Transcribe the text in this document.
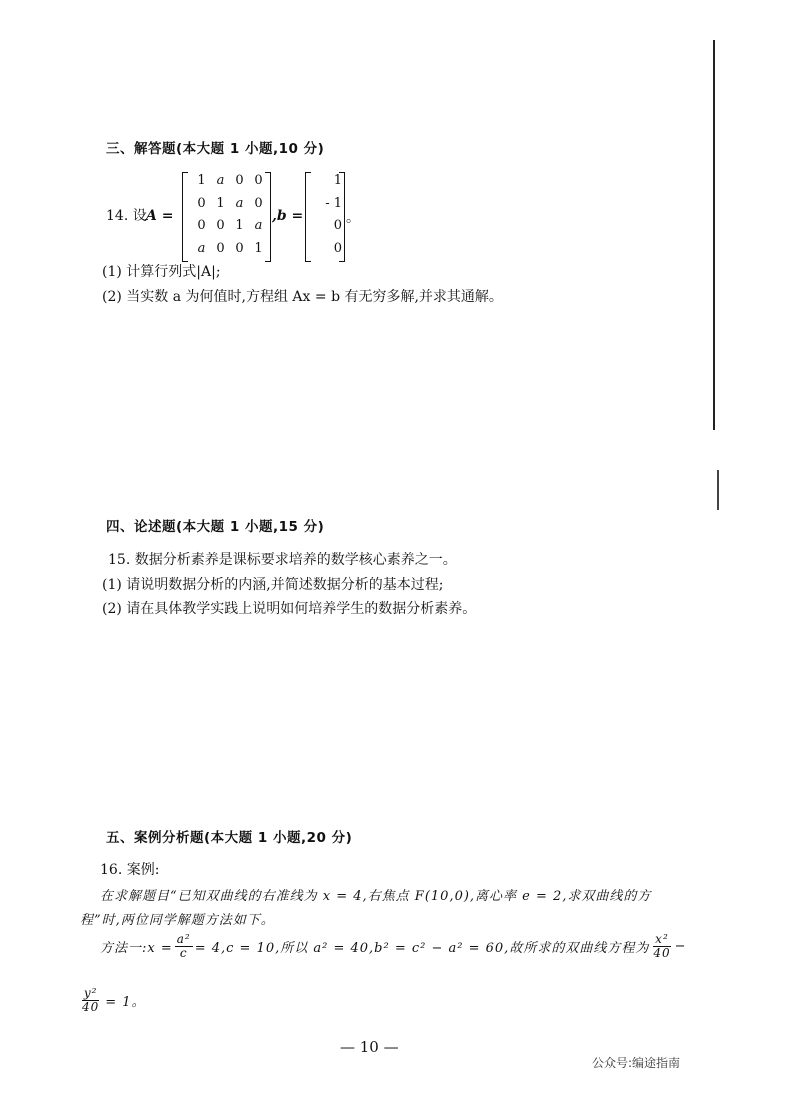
三、解答题(本大题 1 小题,10 分)
14. 设 A =
1 a 0 0
0 1 a 0
0 0 1 a
a 0 0 1
,b =
1
- 1
0
0
。
(1) 计算行列式|A|;
(2) 当实数 a 为何值时,方程组 Ax = b 有无穷多解,并求其通解。
四、论述题(本大题 1 小题,15 分)
15. 数据分析素养是课标要求培养的数学核心素养之一。
(1) 请说明数据分析的内涵,并简述数据分析的基本过程;
(2) 请在具体教学实践上说明如何培养学生的数据分析素养。
五、案例分析题(本大题 1 小题,20 分)
16. 案例:
在求解题目“已知双曲线的右准线为 x = 4,右焦点 F(10,0),离心率 e = 2,求双曲线的方
程”时,两位同学解题方法如下。
方法一:x = $\frac{\text{a²}}{c} = 4,c = 10$,所以 a² = 40,b² = c² − a² = 60,故所求的双曲线方程为 $\frac{\text{x²}}{40}$ −
$\frac{\text{y²}}{40} = 1$。
— 10 —
公众号:编途指南
